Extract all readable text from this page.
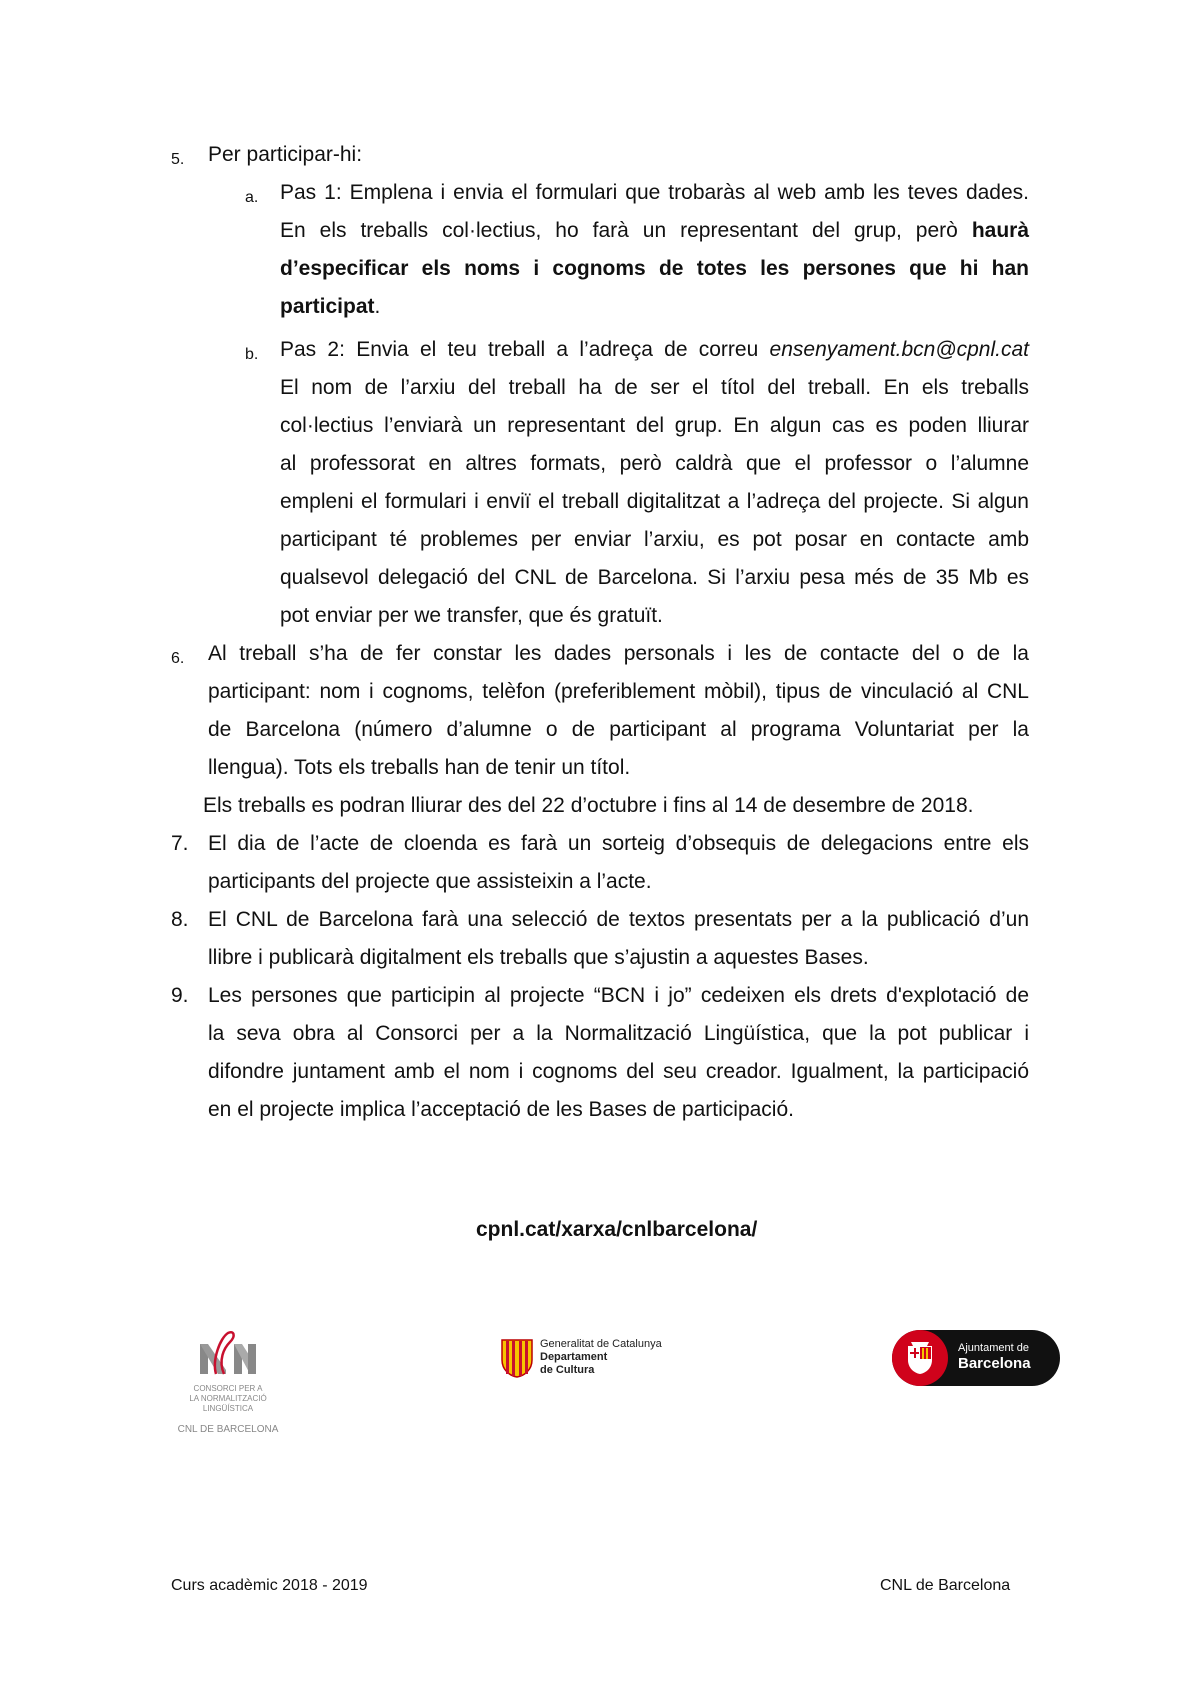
5. Per participar-hi:
a. Pas 1: Emplena i envia el formulari que trobaràs al web amb les teves dades.
En els treballs col·lectius, ho farà un representant del grup, però haurà
d’especificar els noms i cognoms de totes les persones que hi han
participat.
b. Pas 2: Envia el teu treball a l’adreça de correu ensenyament.bcn@cpnl.cat
El nom de l’arxiu del treball ha de ser el títol del treball. En els treballs
col·lectius l’enviarà un representant del grup. En algun cas es poden lliurar
al professorat en altres formats, però caldrà que el professor o l’alumne
empleni el formulari i enviï el treball digitalitzat a l’adreça del projecte. Si algun
participant té problemes per enviar l’arxiu, es pot posar en contacte amb
qualsevol delegació del CNL de Barcelona. Si l’arxiu pesa més de 35 Mb es
pot enviar per we transfer, que és gratuït.
6. Al treball s’ha de fer constar les dades personals i les de contacte del o de la
participant: nom i cognoms, telèfon (preferiblement mòbil), tipus de vinculació al CNL
de Barcelona (número d’alumne o de participant al programa Voluntariat per la
llengua). Tots els treballs han de tenir un títol.
Els treballs es podran lliurar des del 22 d’octubre i fins al 14 de desembre de 2018.
7. El dia de l’acte de cloenda es farà un sorteig d’obsequis de delegacions entre els
participants del projecte que assisteixin a l’acte.
8. El CNL de Barcelona farà una selecció de textos presentats per a la publicació d’un
llibre i publicarà digitalment els treballs que s’ajustin a aquestes Bases.
9. Les persones que participin al projecte “BCN i jo” cedeixen els drets d'explotació de
la seva obra al Consorci per a la Normalització Lingüística, que la pot publicar i
difondre juntament amb el nom i cognoms del seu creador. Igualment, la participació
en el projecte implica l’acceptació de les Bases de participació.
cpnl.cat/xarxa/cnlbarcelona/
CONSORCI PER A
LA NORMALITZACIÓ
LINGÜÍSTICA
CNL DE BARCELONA
Generalitat de Catalunya
Departament
de Cultura
Ajuntament de
Barcelona
Curs acadèmic 2018 - 2019	CNL de Barcelona
